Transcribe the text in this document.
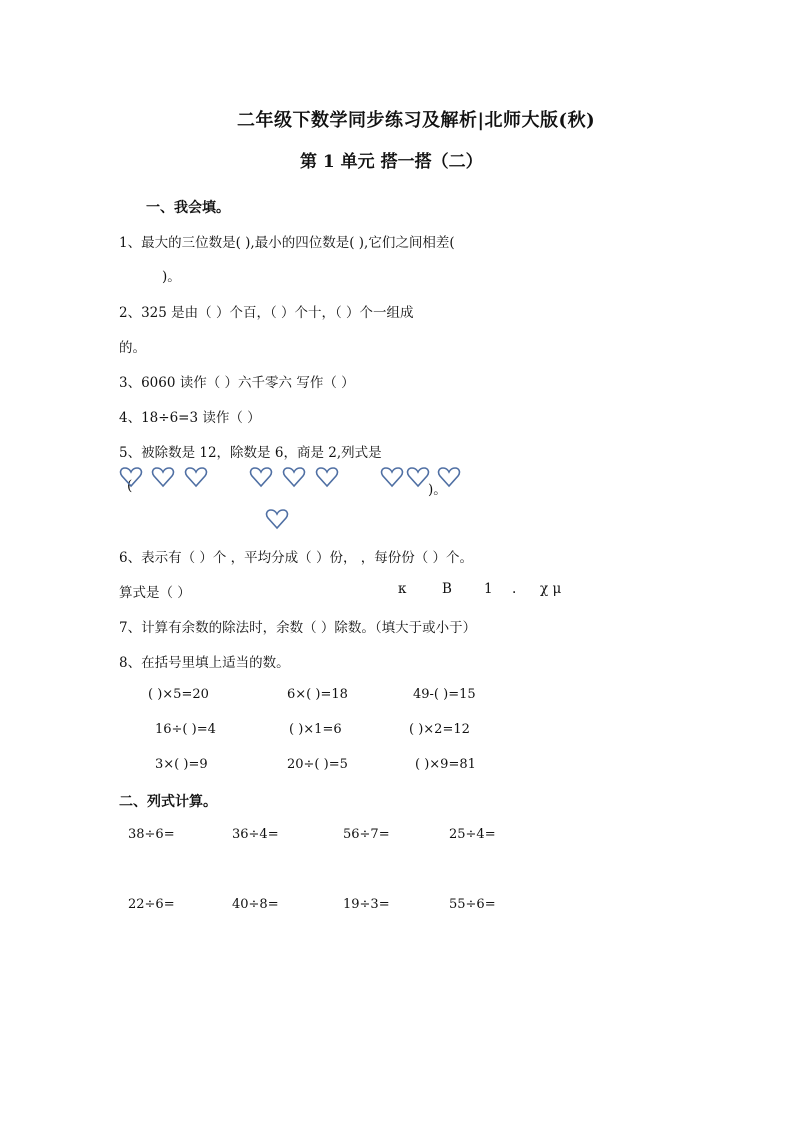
二年级下数学同步练习及解析|北师大版(秋)
第 1 单元 搭一搭（二）
一、我会填。
1、最大的三位数是( ),最小的四位数是( ),它们之间相差(
)。
2、325 是由（ ）个百，（ ）个十，（ ）个一组成
的。
3、6060 读作（ ）六千零六 写作（ ）
4、18÷6=3 读作（ ）
5、被除数是 12，除数是 6，商是 2,列式是
(	)。
6、表示有（ ）个 ，平均分成（ ）份， ，每份份（ ）个。
算式是（ ）	κ	B 1 . χ μ
7、计算有余数的除法时，余数（ ）除数。（填大于或小于）
8、在括号里填上适当的数。
( )×5=20	6×( )=18	49-( )=15
16÷( )=4	( )×1=6	( )×2=12
3×( )=9	20÷( )=5	( )×9=81
二、列式计算。
38÷6=	36÷4=	56÷7=	25÷4=
22÷6=	40÷8=	19÷3=	55÷6=
